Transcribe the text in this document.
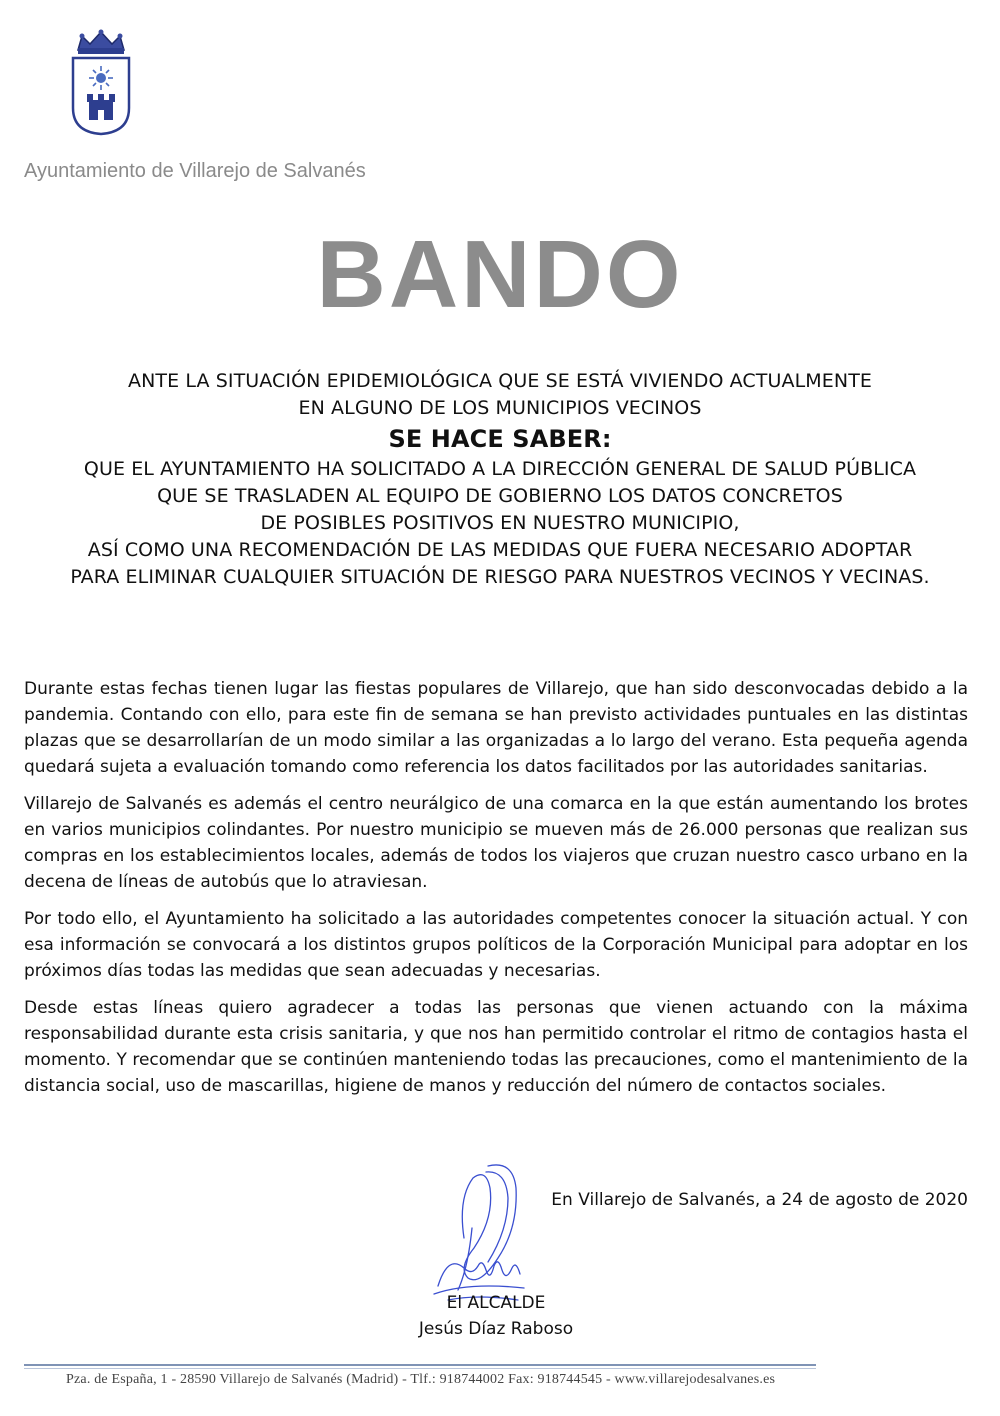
Ayuntamiento de Villarejo de Salvanés
BANDO
ANTE LA SITUACIÓN EPIDEMIOLÓGICA QUE SE ESTÁ VIVIENDO ACTUALMENTE
EN ALGUNO DE LOS MUNICIPIOS VECINOS
SE HACE SABER:
QUE EL AYUNTAMIENTO HA SOLICITADO A LA DIRECCIÓN GENERAL DE SALUD PÚBLICA
QUE SE TRASLADEN AL EQUIPO DE GOBIERNO LOS DATOS CONCRETOS
DE POSIBLES POSITIVOS EN NUESTRO MUNICIPIO,
ASÍ COMO UNA RECOMENDACIÓN DE LAS MEDIDAS QUE FUERA NECESARIO ADOPTAR
PARA ELIMINAR CUALQUIER SITUACIÓN DE RIESGO PARA NUESTROS VECINOS Y VECINAS.

Durante estas fechas tienen lugar las fiestas populares de Villarejo, que han sido desconvocadas debido a la pandemia. Contando con ello, para este fin de semana se han previsto actividades puntuales en las distintas plazas que se desarrollarían de un modo similar a las organizadas a lo largo del verano. Esta pequeña agenda quedará sujeta a evaluación tomando como referencia los datos facilitados por las autoridades sanitarias.

Villarejo de Salvanés es además el centro neurálgico de una comarca en la que están aumentando los brotes en varios municipios colindantes. Por nuestro municipio se mueven más de 26.000 personas que realizan sus compras en los establecimientos locales, además de todos los viajeros que cruzan nuestro casco urbano en la decena de líneas de autobús que lo atraviesan.

Por todo ello, el Ayuntamiento ha solicitado a las autoridades competentes conocer la situación actual. Y con esa información se convocará a los distintos grupos políticos de la Corporación Municipal para adoptar en los próximos días todas las medidas que sean adecuadas y necesarias.

Desde estas líneas quiero agradecer a todas las personas que vienen actuando con la máxima responsabilidad durante esta crisis sanitaria, y que nos han permitido controlar el ritmo de contagios hasta el momento. Y recomendar que se continúen manteniendo todas las precauciones, como el mantenimiento de la distancia social, uso de mascarillas, higiene de manos y reducción del número de contactos sociales.

En Villarejo de Salvanés, a 24 de agosto de 2020
El ALCALDE
Jesús Díaz Raboso
Pza. de España, 1 - 28590 Villarejo de Salvanés (Madrid) - Tlf.: 918744002 Fax: 918744545 - www.villarejodesalvanes.es
